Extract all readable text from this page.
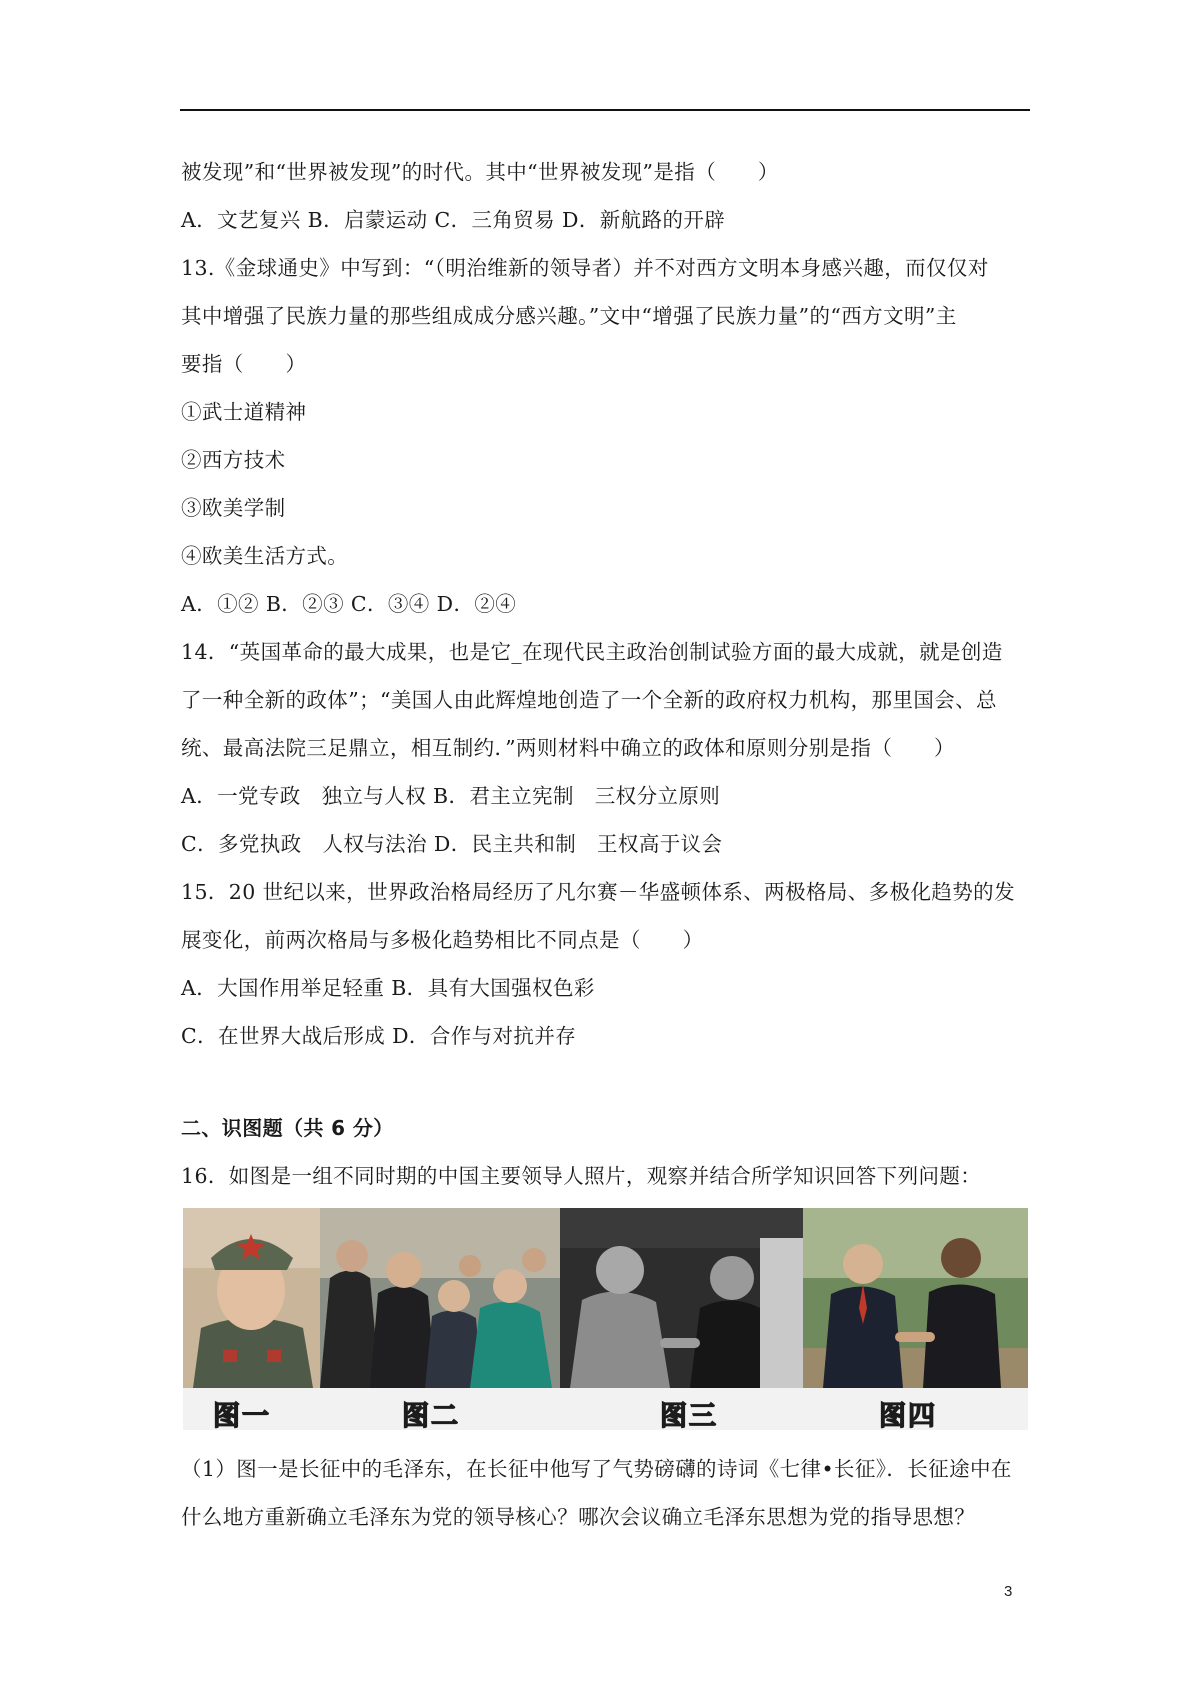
被发现”和“世界被发现”的时代。其中“世界被发现”是指（　　）
A．文艺复兴 B．启蒙运动 C．三角贸易 D．新航路的开辟
13.《金球通史》中写到：“（明治维新的领导者）并不对西方文明本身感兴趣，而仅仅对
其中增强了民族力量的那些组成成分感兴趣。”文中“增强了民族力量”的“西方文明”主
要指（　　）
①武士道精神
②西方技术
③欧美学制
④欧美生活方式。
A．①② B．②③ C．③④ D．②④
14．“英国革命的最大成果，也是它_在现代民主政治创制试验方面的最大成就，就是创造
了一种全新的政体”；“美国人由此辉煌地创造了一个全新的政府权力机构，那里国会、总
统、最高法院三足鼎立，相互制约．”两则材料中确立的政体和原则分别是指（　　）
A．一党专政　独立与人权 B．君主立宪制　三权分立原则
C．多党执政　人权与法治 D．民主共和制　王权高于议会
15．20 世纪以来，世界政治格局经历了凡尔赛－华盛顿体系、两极格局、多极化趋势的发
展变化，前两次格局与多极化趋势相比不同点是（　　）
A．大国作用举足轻重 B．具有大国强权色彩
C．在世界大战后形成 D．合作与对抗并存
二、识图题（共 6 分）
16．如图是一组不同时期的中国主要领导人照片，观察并结合所学知识回答下列问题：
图一	图二	图三	图四
（1）图一是长征中的毛泽东，在长征中他写了气势磅礴的诗词《七律•长征》．长征途中在
什么地方重新确立毛泽东为党的领导核心？哪次会议确立毛泽东思想为党的指导思想？
3
